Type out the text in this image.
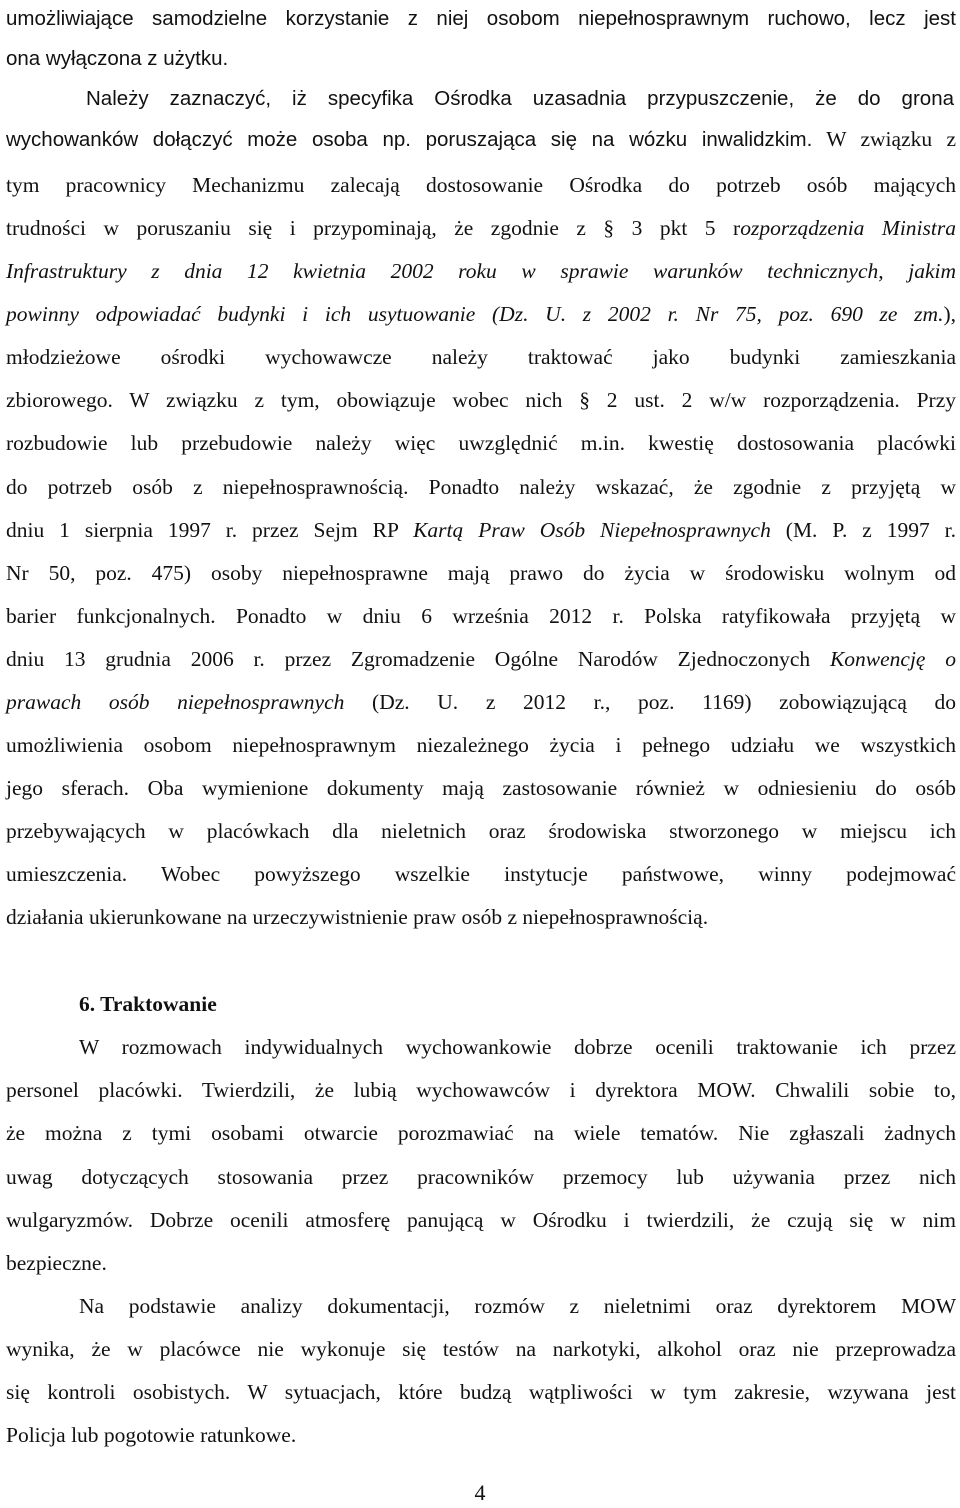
umożliwiające samodzielne korzystanie z niej osobom niepełnosprawnym ruchowo, lecz jest

ona wyłączona z użytku.

Należy zaznaczyć, iż specyfika Ośrodka uzasadnia przypuszczenie, że do grona

wychowanków dołączyć może osoba np. poruszająca się na wózku inwalidzkim. W związku z

tym pracownicy Mechanizmu zalecają dostosowanie Ośrodka do potrzeb osób mających

trudności w poruszaniu się i przypominają, że zgodnie z § 3 pkt 5 rozporządzenia Ministra

Infrastruktury z dnia 12 kwietnia 2002 roku w sprawie warunków technicznych, jakim

powinny odpowiadać budynki i ich usytuowanie (Dz. U. z 2002 r. Nr 75, poz. 690 ze zm.),

młodzieżowe ośrodki wychowawcze należy traktować jako budynki zamieszkania

zbiorowego. W związku z tym, obowiązuje wobec nich § 2 ust. 2 w/w rozporządzenia. Przy

rozbudowie lub przebudowie należy więc uwzględnić m.in. kwestię dostosowania placówki

do potrzeb osób z niepełnosprawnością. Ponadto należy wskazać, że zgodnie z przyjętą w

dniu 1 sierpnia 1997 r. przez Sejm RP Kartą Praw Osób Niepełnosprawnych (M. P. z 1997 r.

Nr 50, poz. 475) osoby niepełnosprawne mają prawo do życia w środowisku wolnym od

barier funkcjonalnych. Ponadto w dniu 6 września 2012 r. Polska ratyfikowała przyjętą w

dniu 13 grudnia 2006 r. przez Zgromadzenie Ogólne Narodów Zjednoczonych Konwencję o

prawach osób niepełnosprawnych (Dz. U. z 2012 r., poz. 1169) zobowiązującą do

umożliwienia osobom niepełnosprawnym niezależnego życia i pełnego udziału we wszystkich

jego sferach. Oba wymienione dokumenty mają zastosowanie również w odniesieniu do osób

przebywających w placówkach dla nieletnich oraz środowiska stworzonego w miejscu ich

umieszczenia. Wobec powyższego wszelkie instytucje państwowe, winny podejmować

działania ukierunkowane na urzeczywistnienie praw osób z niepełnosprawnością.

6. Traktowanie

W rozmowach indywidualnych wychowankowie dobrze ocenili traktowanie ich przez

personel placówki. Twierdzili, że lubią wychowawców i dyrektora MOW. Chwalili sobie to,

że można z tymi osobami otwarcie porozmawiać na wiele tematów. Nie zgłaszali żadnych

uwag dotyczących stosowania przez pracowników przemocy lub używania przez nich

wulgaryzmów. Dobrze ocenili atmosferę panującą w Ośrodku i twierdzili, że czują się w nim

bezpieczne.

Na podstawie analizy dokumentacji, rozmów z nieletnimi oraz dyrektorem MOW

wynika, że w placówce nie wykonuje się testów na narkotyki, alkohol oraz nie przeprowadza

się kontroli osobistych. W sytuacjach, które budzą wątpliwości w tym zakresie, wzywana jest

Policja lub pogotowie ratunkowe.

4
